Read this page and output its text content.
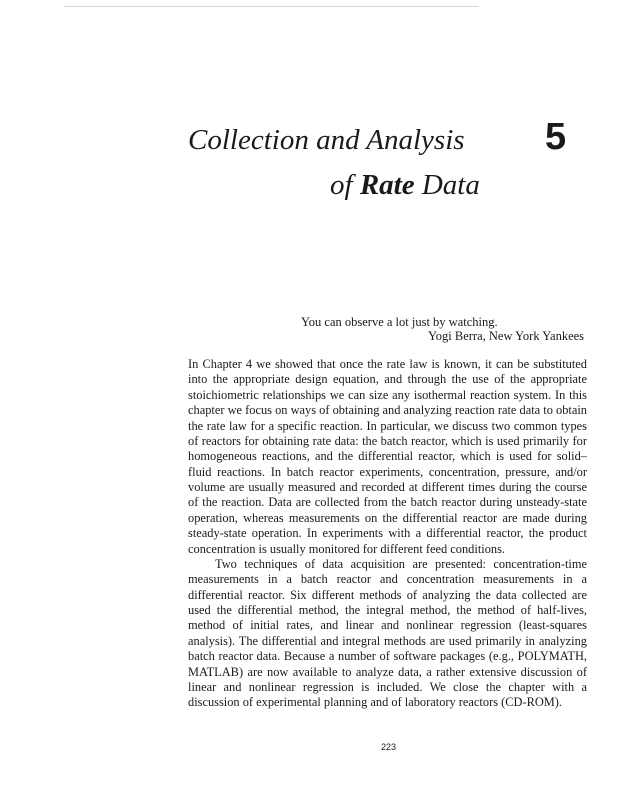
Collection and Analysis
of Rate Data
5
You can observe a lot just by watching.
Yogi Berra, New York Yankees

In Chapter 4 we showed that once the rate law is known, it can be substituted into the appropriate design equation, and through the use of the appropriate stoichiometric relationships we can size any isothermal reaction system. In this chapter we focus on ways of obtaining and analyzing reaction rate data to obtain the rate law for a specific reaction. In particular, we discuss two common types of reactors for obtaining rate data: the batch reactor, which is used primarily for homogeneous reactions, and the differential reactor, which is used for solid–fluid reactions. In batch reactor experiments, concentration, pressure, and/or volume are usually measured and recorded at different times during the course of the reaction. Data are collected from the batch reactor during unsteady-state operation, whereas measurements on the differential reactor are made during steady-state operation. In experiments with a differential reactor, the product concentration is usually monitored for different feed conditions.

Two techniques of data acquisition are presented: concentration-time measurements in a batch reactor and concentration measurements in a differential reactor. Six different methods of analyzing the data collected are used the differential method, the integral method, the method of half-lives, method of initial rates, and linear and nonlinear regression (least-squares analysis). The differential and integral methods are used primarily in analyzing batch reactor data. Because a number of software packages (e.g., POLYMATH, MATLAB) are now available to analyze data, a rather extensive discussion of linear and nonlinear regression is included. We close the chapter with a discussion of experimental planning and of laboratory reactors (CD-ROM).

223
